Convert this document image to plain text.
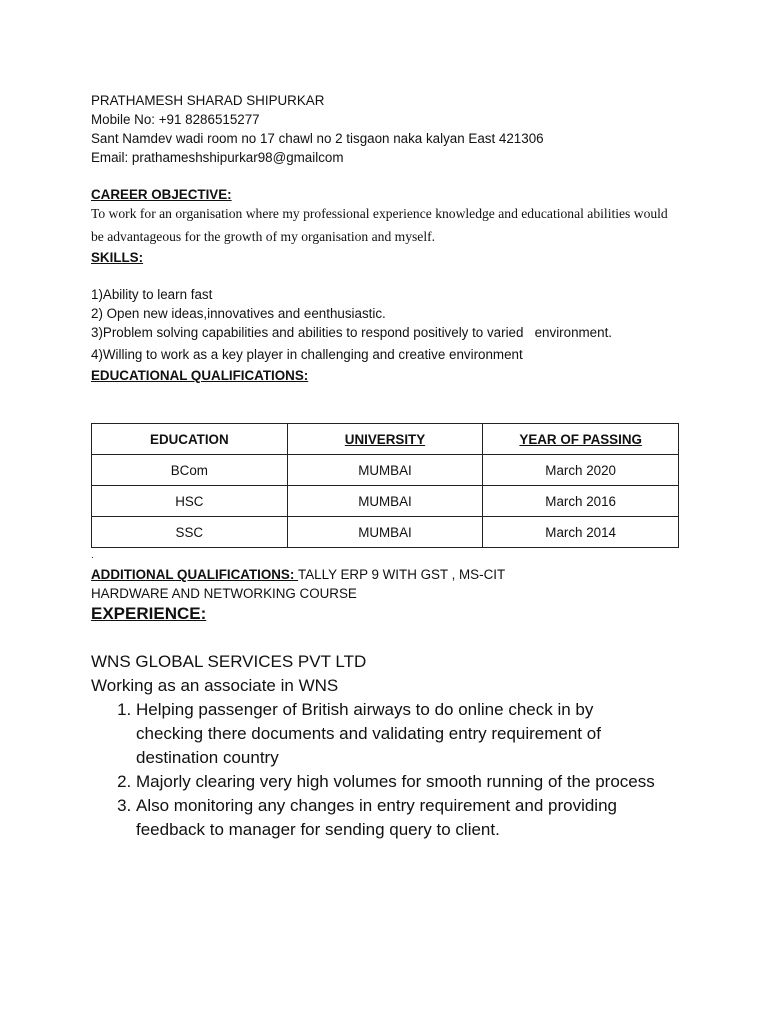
PRATHAMESH SHARAD SHIPURKAR
Mobile No: +91 8286515277
Sant Namdev wadi room no 17 chawl no 2 tisgaon naka kalyan East 421306
Email: prathameshshipurkar98@gmailcom
CAREER OBJECTIVE:
To work for an organisation where my professional experience knowledge and educational abilities would
be advantageous for the growth of my organisation and myself.
SKILLS:
1)Ability to learn fast
2) Open new ideas,innovatives and eenthusiastic.
3)Problem solving capabilities and abilities to respond positively to varied   environment.
4)Willing to work as a key player in challenging and creative environment
EDUCATIONAL QUALIFICATIONS:
EDUCATION	UNIVERSITY	YEAR OF PASSING
BCom	MUMBAI	March 2020
HSC	MUMBAI	March 2016
SSC	MUMBAI	March 2014
.
ADDITIONAL QUALIFICATIONS: TALLY ERP 9 WITH GST , MS-CIT
HARDWARE AND NETWORKING COURSE
EXPERIENCE:
WNS GLOBAL SERVICES PVT LTD
Working as an associate in WNS
1. Helping passenger of British airways to do online check in by
checking there documents and validating entry requirement of
destination country
2. Majorly clearing very high volumes for smooth running of the process
3. Also monitoring any changes in entry requirement and providing
feedback to manager for sending query to client.
